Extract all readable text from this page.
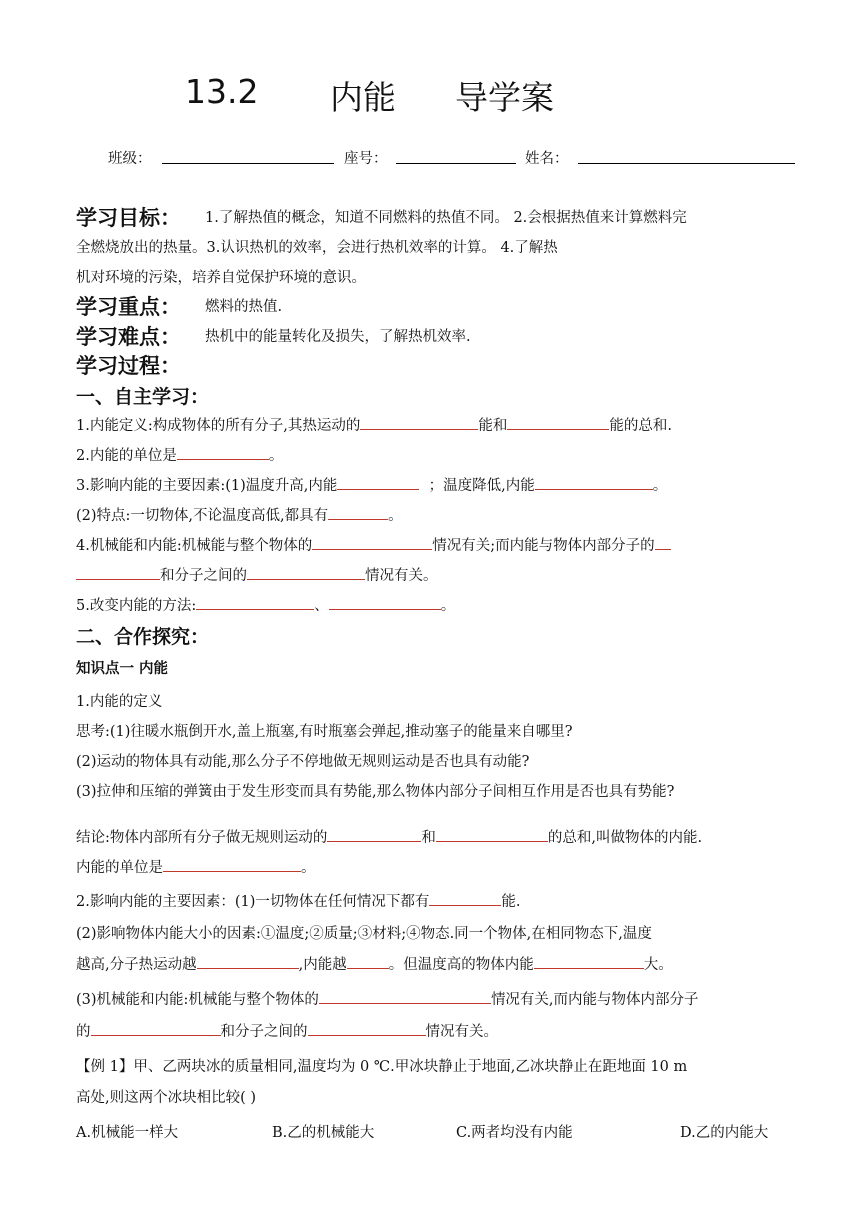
13.2 内能 导学案
班级：	座号：	姓名：
学习目标： 1.了解热值的概念，知道不同燃料的热值不同。 2.会根据热值来计算燃料完
全燃烧放出的热量。3.认识热机的效率，会进行热机效率的计算。 4.了解热
机对环境的污染，培养自觉保护环境的意识。
学习重点： 燃料的热值.
学习难点： 热机中的能量转化及损失，了解热机效率.
学习过程：
一、自主学习：
1.内能定义:构成物体的所有分子,其热运动的	能和	能的总和.
2.内能的单位是	。
3.影响内能的主要因素:(1)温度升高,内能	；温度降低,内能	。
(2)特点:一切物体,不论温度高低,都具有	。
4.机械能和内能:机械能与整个物体的	情况有关;而内能与物体内部分子的
和分子之间的	情况有关。
5.改变内能的方法:	、	。
二、合作探究：
知识点一 内能
1.内能的定义
思考:(1)往暖水瓶倒开水,盖上瓶塞,有时瓶塞会弹起,推动塞子的能量来自哪里?
(2)运动的物体具有动能,那么分子不停地做无规则运动是否也具有动能?
(3)拉伸和压缩的弹簧由于发生形变而具有势能,那么物体内部分子间相互作用是否也具有势能?
结论:物体内部所有分子做无规则运动的	和	的总和,叫做物体的内能.
内能的单位是	。
2.影响内能的主要因素：(1)一切物体在任何情况下都有	能.
(2)影响物体内能大小的因素:①温度;②质量;③材料;④物态.同一个物体,在相同物态下,温度
越高,分子热运动越	,内能越	。但温度高的物体内能	大。
(3)机械能和内能:机械能与整个物体的	情况有关,而内能与物体内部分子
的	和分子之间的	情况有关。
【例 1】甲、乙两块冰的质量相同,温度均为 0 ℃.甲冰块静止于地面,乙冰块静止在距地面 10 m
高处,则这两个冰块相比较( )
A.机械能一样大	B.乙的机械能大	C.两者均没有内能	D.乙的内能大
